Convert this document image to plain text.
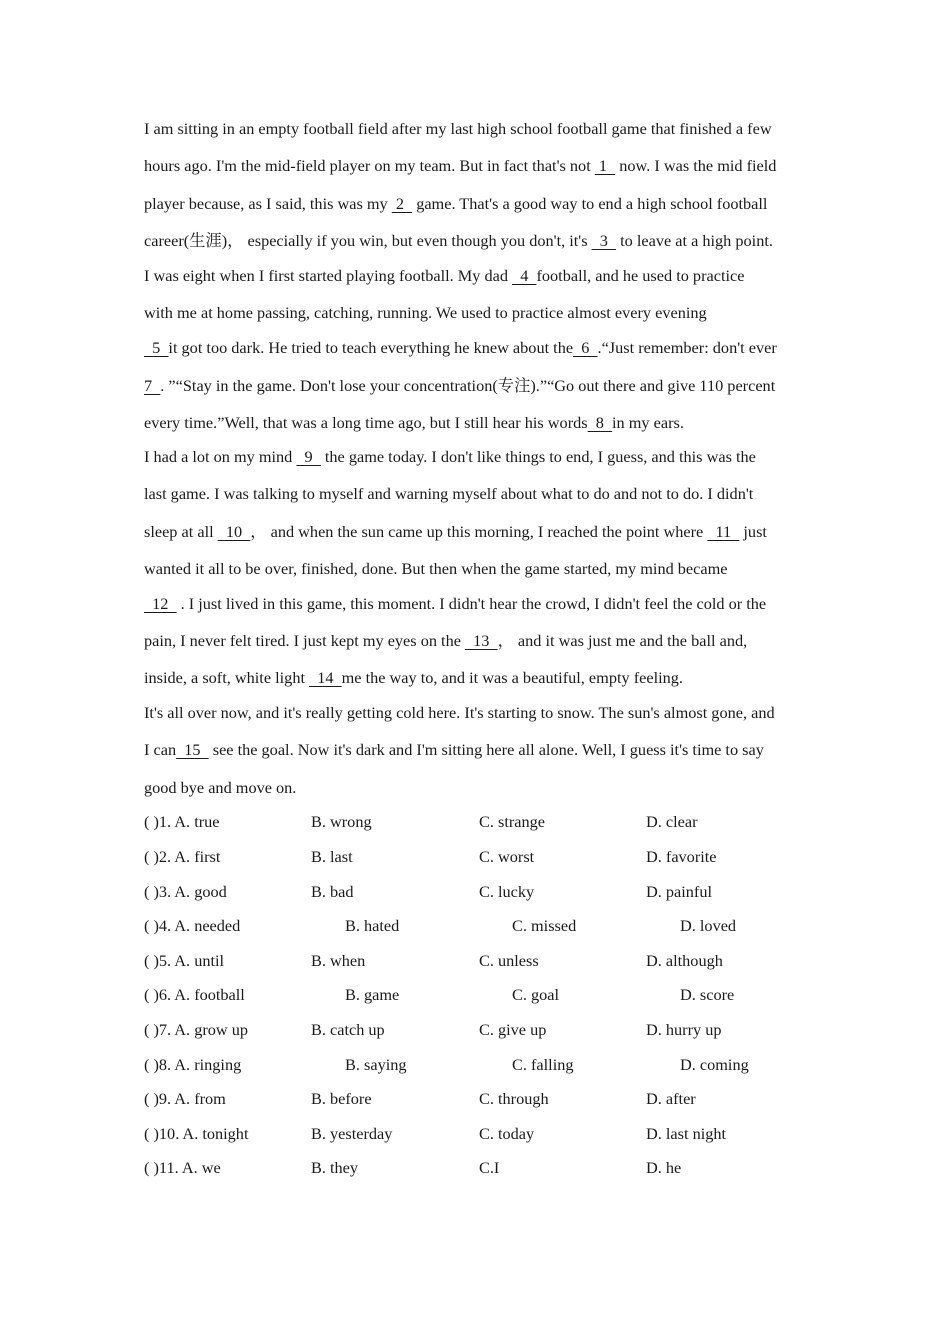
I am sitting in an empty football field after my last high school football game that finished a few
hours ago. I'm the mid-field player on my team. But in fact that's not  1   now. I was the mid field
player because, as I said, this was my  2   game. That's a good way to end a high school football
career(生涯)， especially if you win, but even though you don't, it's   3   to leave at a high point.
I was eight when I first started playing football. My dad   4  football, and he used to practice
with me at home passing, catching, running. We used to practice almost every evening
5  it got too dark. He tried to teach everything he knew about the  6  .“Just remember: don't ever
7  . ”“Stay in the game. Don't lose your concentration(专注).”“Go out there and give 110 percent
every time.”Well, that was a long time ago, but I still hear his words  8  in my ears.
I had a lot on my mind   9   the game today. I don't like things to end, I guess, and this was the
last game. I was talking to myself and warning myself about what to do and not to do. I didn't
sleep at all   10  ， and when the sun came up this morning, I reached the point where   11   just
wanted it all to be over, finished, done. But then when the game started, my mind became
12   . I just lived in this game, this moment. I didn't hear the crowd, I didn't feel the cold or the
pain, I never felt tired. I just kept my eyes on the   13  ， and it was just me and the ball and,
inside, a soft, white light   14  me the way to, and it was a beautiful, empty feeling.
It's all over now, and it's really getting cold here. It's starting to snow. The sun's almost gone, and
I can  15   see the goal. Now it's dark and I'm sitting here all alone. Well, I guess it's time to say
good bye and move on.
( )1. A. true	B. wrong	C. strange	D. clear
( )2. A. first	B. last	C. worst	D. favorite
( )3. A. good	B. bad	C. lucky	D. painful
( )4. A. needed	B. hated	C. missed	D. loved
( )5. A. until	B. when	C. unless	D. although
( )6. A. football	B. game	C. goal	D. score
( )7. A. grow up	B. catch up	C. give up	D. hurry up
( )8. A. ringing	B. saying	C. falling	D. coming
( )9. A. from	B. before	C. through	D. after
( )10. A. tonight	B. yesterday	C. today	D. last night
( )11. A. we	B. they	C.I	D. he
